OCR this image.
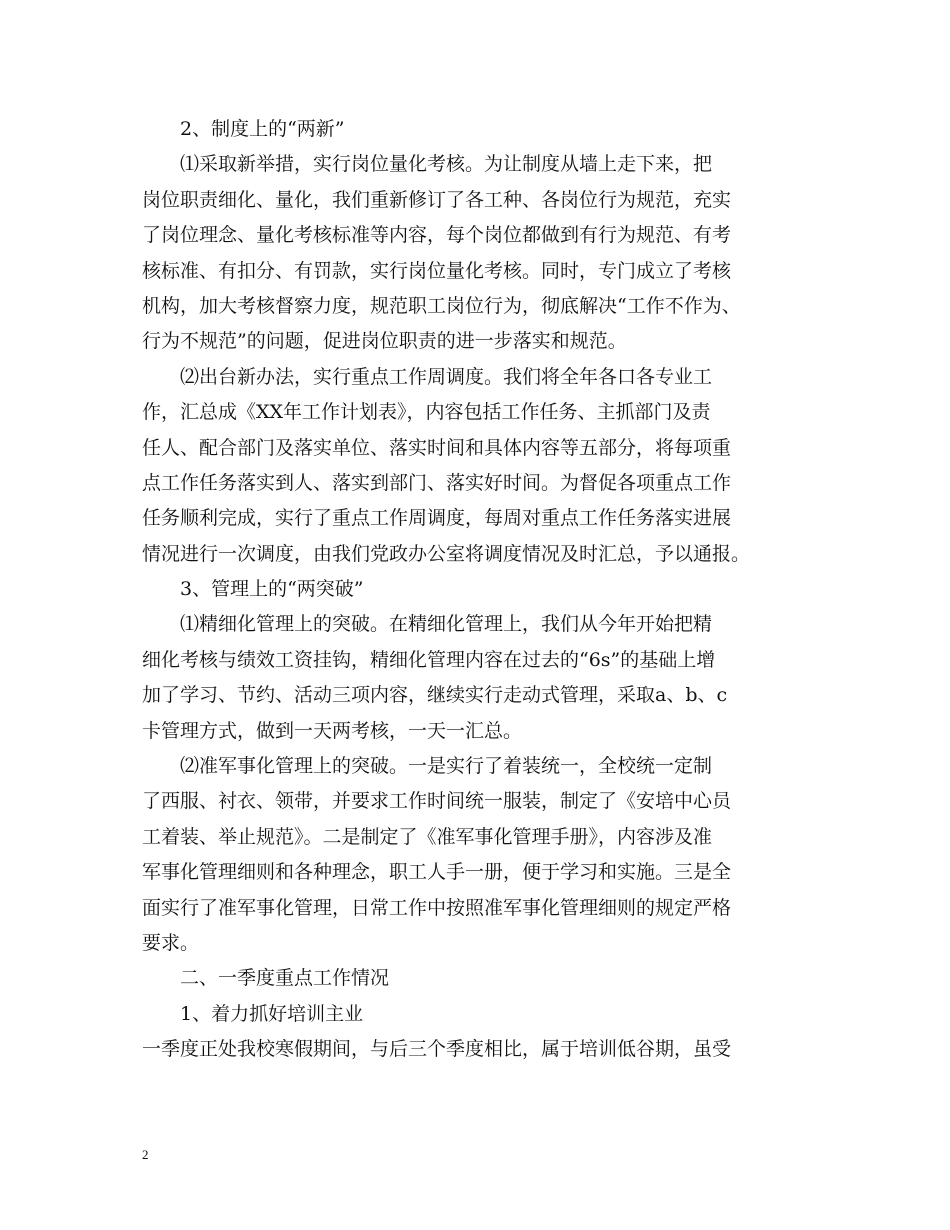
2、制度上的“两新”

⑴采取新举措，实行岗位量化考核。为让制度从墙上走下来，把

岗位职责细化、量化，我们重新修订了各工种、各岗位行为规范，充实

了岗位理念、量化考核标准等内容，每个岗位都做到有行为规范、有考

核标准、有扣分、有罚款，实行岗位量化考核。同时，专门成立了考核

机构，加大考核督察力度，规范职工岗位行为，彻底解决“工作不作为、

行为不规范”的问题，促进岗位职责的进一步落实和规范。

⑵出台新办法，实行重点工作周调度。我们将全年各口各专业工

作，汇总成《XX年工作计划表》，内容包括工作任务、主抓部门及责

任人、配合部门及落实单位、落实时间和具体内容等五部分，将每项重

点工作任务落实到人、落实到部门、落实好时间。为督促各项重点工作

任务顺利完成，实行了重点工作周调度，每周对重点工作任务落实进展

情况进行一次调度，由我们党政办公室将调度情况及时汇总，予以通报。

3、管理上的“两突破”

⑴精细化管理上的突破。在精细化管理上，我们从今年开始把精

细化考核与绩效工资挂钩，精细化管理内容在过去的“6s”的基础上增

加了学习、节约、活动三项内容，继续实行走动式管理，采取a、b、c

卡管理方式，做到一天两考核，一天一汇总。

⑵准军事化管理上的突破。一是实行了着装统一，全校统一定制

了西服、衬衣、领带，并要求工作时间统一服装，制定了《安培中心员

工着装、举止规范》。二是制定了《准军事化管理手册》，内容涉及准

军事化管理细则和各种理念，职工人手一册，便于学习和实施。三是全

面实行了准军事化管理，日常工作中按照准军事化管理细则的规定严格

要求。

二、一季度重点工作情况

1、着力抓好培训主业

一季度正处我校寒假期间，与后三个季度相比，属于培训低谷期，虽受

2
